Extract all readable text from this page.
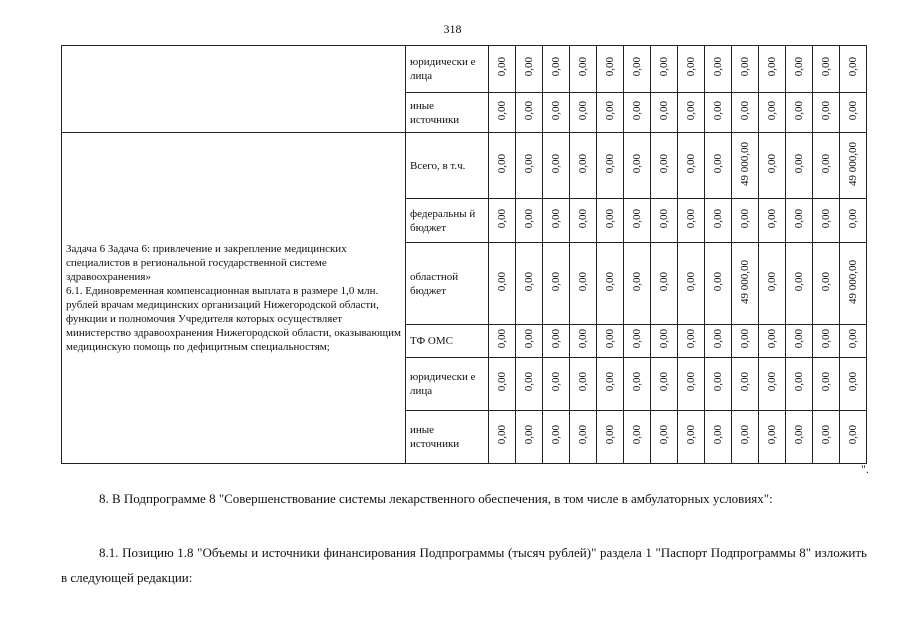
318
	юридически е лица	0,00	0,00	0,00	0,00	0,00	0,00	0,00	0,00	0,00	0,00	0,00	0,00	0,00	0,00
	иные источники	0,00	0,00	0,00	0,00	0,00	0,00	0,00	0,00	0,00	0,00	0,00	0,00	0,00	0,00

Задача 6 Задача 6: привлечение и закрепление медицинских специалистов в региональной государственной системе здравоохранения»
6.1. Единовременная компенсационная выплата в размере 1,0 млн. рублей врачам медицинских организаций Нижегородской области, функции и полномочия Учредителя которых осуществляет министерство здравоохранения Нижегородской области, оказывающим медицинскую помощь по дефицитным специальностям;	Всего, в т.ч.	0,00	0,00	0,00	0,00	0,00	0,00	0,00	0,00	0,00	49 000,00	0,00	0,00	0,00	49 000,00
	федеральны й бюджет	0,00	0,00	0,00	0,00	0,00	0,00	0,00	0,00	0,00	0,00	0,00	0,00	0,00	0,00
	областной бюджет	0,00	0,00	0,00	0,00	0,00	0,00	0,00	0,00	0,00	49 000,00	0,00	0,00	0,00	49 000,00
	ТФ ОМС	0,00	0,00	0,00	0,00	0,00	0,00	0,00	0,00	0,00	0,00	0,00	0,00	0,00	0,00
	юридически е лица	0,00	0,00	0,00	0,00	0,00	0,00	0,00	0,00	0,00	0,00	0,00	0,00	0,00	0,00
	иные источники	0,00	0,00	0,00	0,00	0,00	0,00	0,00	0,00	0,00	0,00	0,00	0,00	0,00	0,00
".
8. В Подпрограмме 8 "Совершенствование системы лекарственного обеспечения, в том числе в амбулаторных условиях":
8.1. Позицию 1.8 "Объемы и источники финансирования Подпрограммы (тысяч рублей)" раздела 1 "Паспорт Подпрограммы 8" изложить в следующей редакции:
